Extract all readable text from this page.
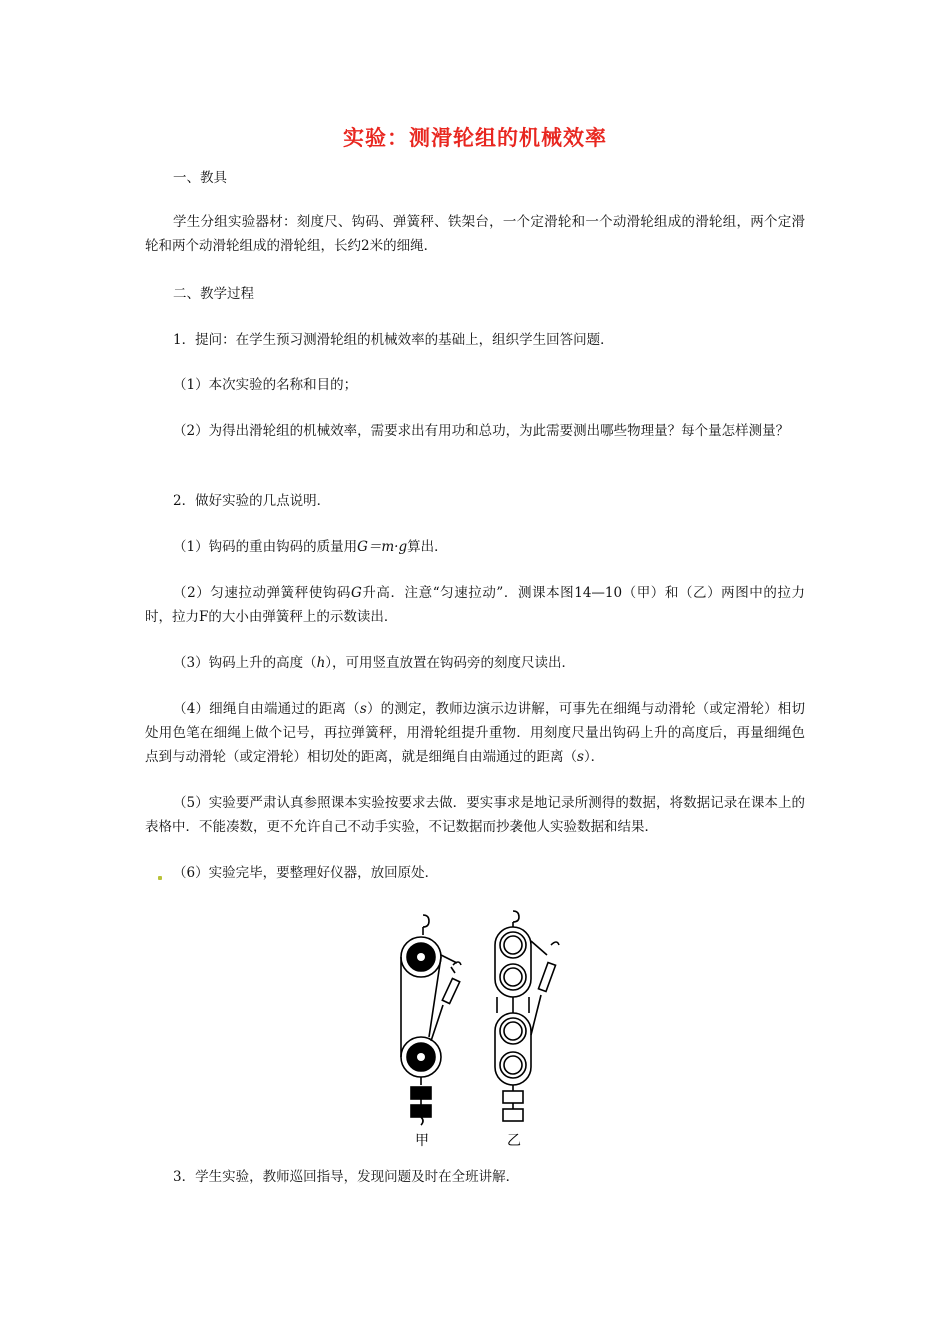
实验：测滑轮组的机械效率
一、教具
学生分组实验器材：刻度尺、钩码、弹簧秤、铁架台，一个定滑轮和一个动滑轮组成的滑轮组，两个定滑轮和两个动滑轮组成的滑轮组，长约2米的细绳．
二、教学过程
1．提问：在学生预习测滑轮组的机械效率的基础上，组织学生回答问题．
（1）本次实验的名称和目的；
（2）为得出滑轮组的机械效率，需要求出有用功和总功，为此需要测出哪些物理量？每个量怎样测量？
2．做好实验的几点说明．
（1）钩码的重由钩码的质量用G＝m·g算出．
（2）匀速拉动弹簧秤使钩码G升高．注意“匀速拉动”．测课本图14—10（甲）和（乙）两图中的拉力时，拉力F的大小由弹簧秤上的示数读出．
（3）钩码上升的高度（h），可用竖直放置在钩码旁的刻度尺读出．
（4）细绳自由端通过的距离（s）的测定，教师边演示边讲解，可事先在细绳与动滑轮（或定滑轮）相切处用色笔在细绳上做个记号，再拉弹簧秤，用滑轮组提升重物．用刻度尺量出钩码上升的高度后，再量细绳色点到与动滑轮（或定滑轮）相切处的距离，就是细绳自由端通过的距离（s）．
（5）实验要严肃认真参照课本实验按要求去做．要实事求是地记录所测得的数据，将数据记录在课本上的表格中．不能凑数，更不允许自己不动手实验，不记数据而抄袭他人实验数据和结果．
（6）实验完毕，要整理好仪器，放回原处．
甲	乙
3．学生实验，教师巡回指导，发现问题及时在全班讲解．
